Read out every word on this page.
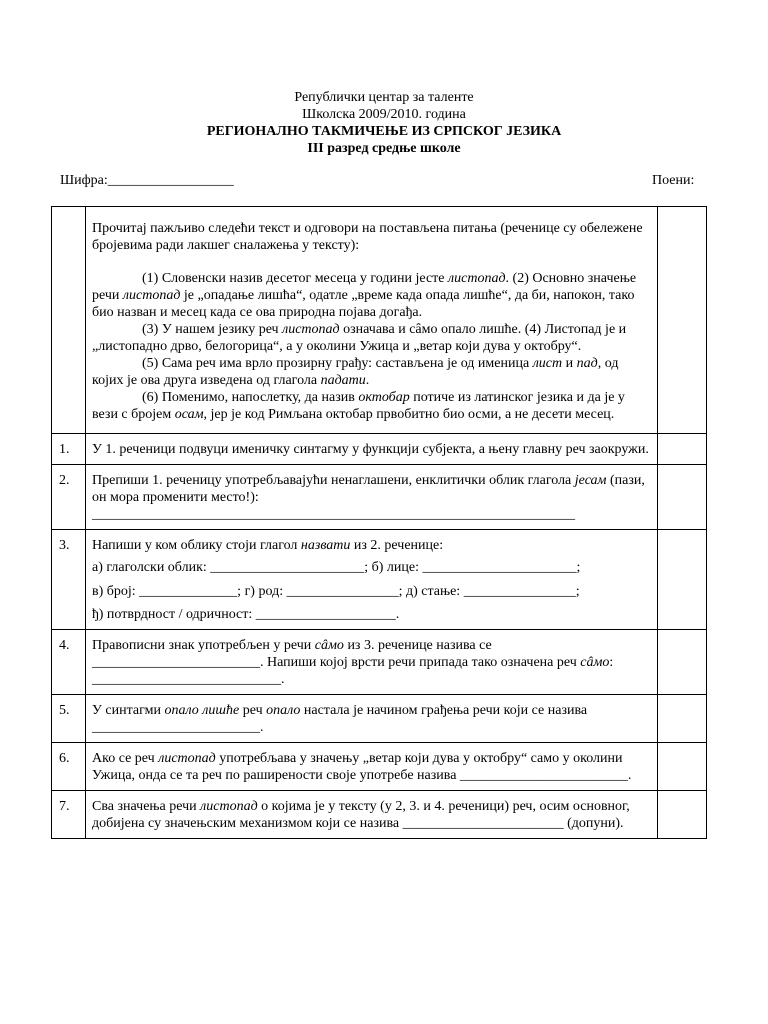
Републички центар за таленте
Школска 2009/2010. година
РЕГИОНАЛНО ТАКМИЧЕЊЕ ИЗ СРПСКОГ ЈЕЗИКА
III разред средње школе
Шифра:__________________	Поени:

	Прочитај пажљиво следећи текст и одговори на постављена питања (реченице су обележене бројевима ради лакшег сналажења у тексту):

(1) Словенски назив десетог месеца у години јесте листопад. (2) Основно значење речи листопад је „опадање лишћа“, одатле „време када опада лишће“, да би, напокон, тако био назван и месец када се ова природна појава догађа.

(3) У нашем језику реч листопад означава и сâмо опало лишће. (4) Листопад је и „листопадно дрво, белогорица“, а у околини Ужица и „ветар који дува у октобру“.

(5) Сама реч има врло прозирну грађу: састављена је од именица лист и пад, од којих је ова друга изведена од глагола падати.

(6) Поменимо, напослетку, да назив октобар потиче из латинског језика и да је у вези с бројем осам, јер је код Римљана октобар првобитно био осми, а не десети месец.	

1.	У 1. реченици подвуци именичку синтагму у функцији субјекта, а њену главну реч заокружи.	

2.	Препиши 1. реченицу употребљавајући ненаглашени, енклитички облик глагола јесам (пази, он мора променити место!):
_____________________________________________________________________	

3.	Напиши у ком облику стоји глагол назвати из 2. реченице:
а) глаголски облик: ______________________; б) лице: ______________________;
в) број: ______________; г) род: ________________; д) стање: ________________;
ђ) потврдност / одричност: ____________________.	

4.	Правописни знак употребљен у речи сâмо из 3. реченице назива се ________________________. Напиши којој врсти речи припада тако означена реч сâмо: ___________________________.	

5.	У синтагми опало лишће реч опало настала је начином грађења речи који се назива ________________________.	

6.	Ако се реч листопад употребљава у значењу „ветар који дува у октобру“ само у околини Ужица, онда се та реч по раширености своје употребе назива ________________________.	

7.	Сва значења речи листопад о којима је у тексту (у 2, 3. и 4. реченици) реч, осим основног, добијена су значењским механизмом који се назива _______________________ (допуни).	
